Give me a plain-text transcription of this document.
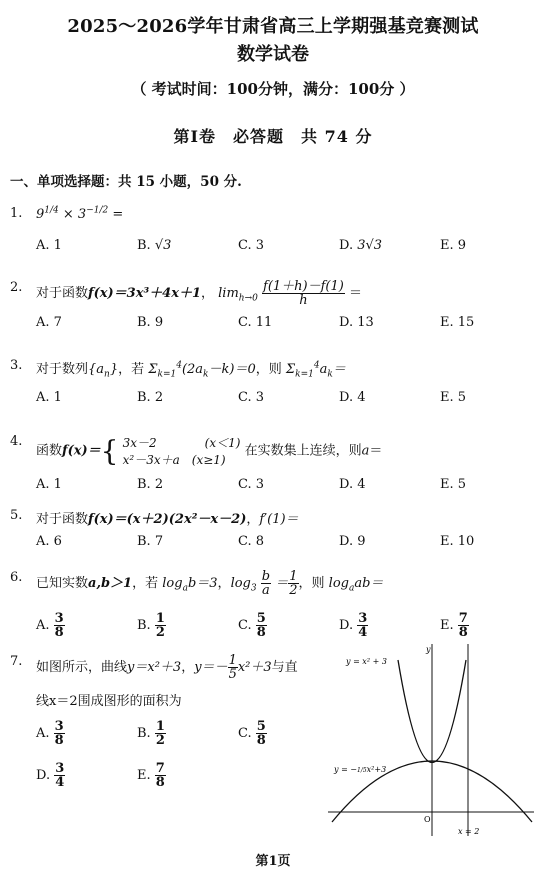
2025～2026学年甘肃省高三上学期强基竞赛测试
数学试卷
（ 考试时间：100分钟，满分：100分 ）
第Ⅰ卷　必答题　共 74 分
一、单项选择题：共 15 小题，50 分.
1. $9^{1/4} \times 3^{-1/2}$ =
A. 1	B. √3	C. 3	D. 3√3	E. 9
2. 对于函数f(x)＝3x³＋4x＋1， $\lim_{h\to 0} \frac{f(1+h)-f(1)}{h}$ ＝
A. 7	B. 9	C. 11	D. 13	E. 15
3. 对于数列$\{a_n\}$，若 $\Sigma_{k=1}^4(2a_k-k)=0$，则 $\Sigma_{k=1}^4a_k=$
A. 1	B. 2	C. 3	D. 4	E. 5
4.
函数f(x)＝{ 3x－2　　　　(x＜1)
x²－3x＋a　(x≥1)
在实数集上连续，则a＝
A. 1	B. 2	C. 3	D. 4	E. 5
5. 对于函数f(x)＝(x＋2)(2x²－x－2)，f′(1)＝
A. 6	B. 7	C. 8	D. 9	E. 10
6. 已知实数a,b＞1，若 $\log_ab=3$，$\log_3 \frac{b}{a} = \frac{1}{2}$ ，则 $\log_aab=$
A. $\frac{3}{8}$	B. $\frac{1}{2}$	C. $\frac{5}{8}$	D. $\frac{3}{4}$	E. $\frac{7}{8}$
7. 如图所示，曲线y＝x²＋3，$y=- \frac{1}{5} x^2+3$与直
线x＝2围成图形的面积为
A. $\frac{3}{8}$	B. $\frac{1}{2}$	C. $\frac{5}{8}$
D. $\frac{3}{4}$	E. $\frac{7}{8}$
y = x² + 3
y = −1/5x²+3
x = 2
O
y
第1页
